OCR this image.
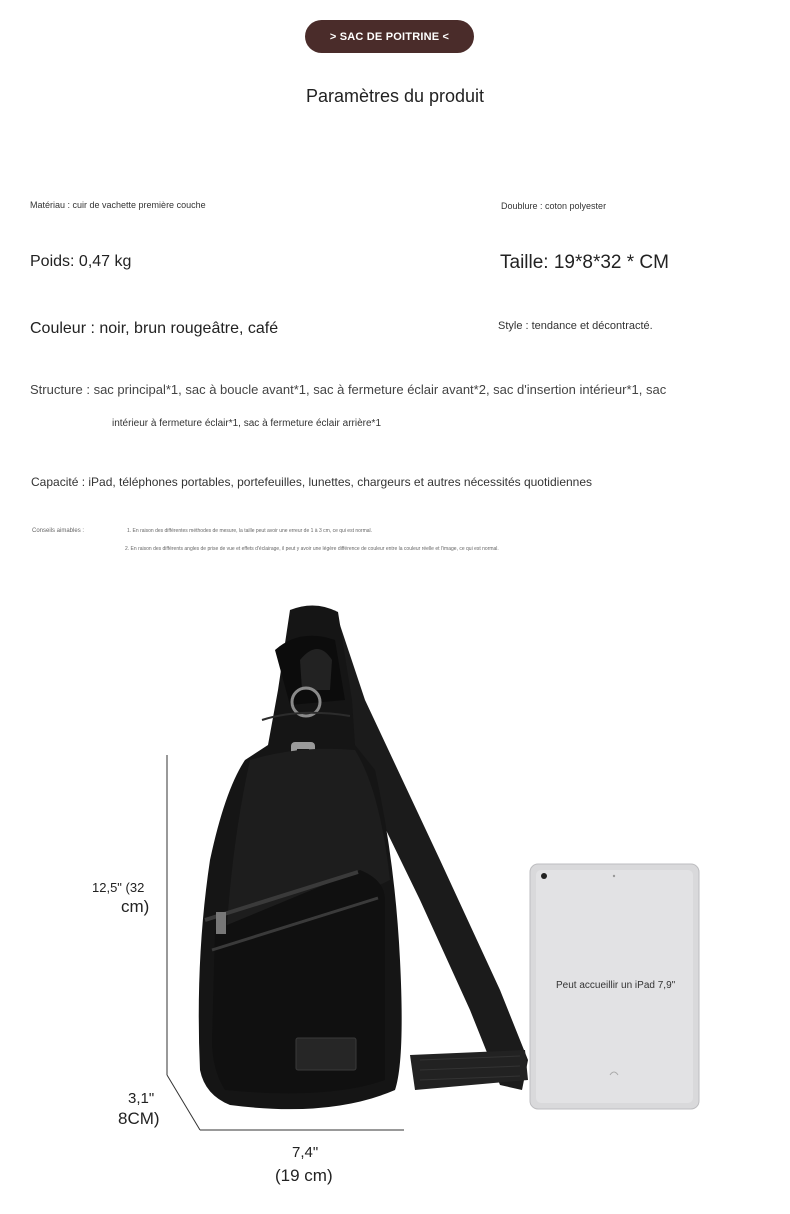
> SAC DE POITRINE <
Paramètres du produit
Matériau : cuir de vachette première couche	Doublure : coton polyester
Poids: 0,47 kg	Taille: 19*8*32 * CM
Couleur : noir, brun rougeâtre, café	Style : tendance et décontracté.
Structure : sac principal*1, sac à boucle avant*1, sac à fermeture éclair avant*2, sac d'insertion intérieur*1, sac
intérieur à fermeture éclair*1, sac à fermeture éclair arrière*1
Capacité : iPad, téléphones portables, portefeuilles, lunettes, chargeurs et autres nécessités quotidiennes
Conseils aimables :	1. En raison des différentes méthodes de mesure, la taille peut avoir une erreur de 1 à 3 cm, ce qui est normal.
2. En raison des différents angles de prise de vue et effets d'éclairage, il peut y avoir une légère différence de couleur entre la couleur réelle et l'image, ce qui est normal.
Peut accueillir un iPad 7,9"
12,5" (32
cm)
3,1"
8CM)
7,4"
(19 cm)
